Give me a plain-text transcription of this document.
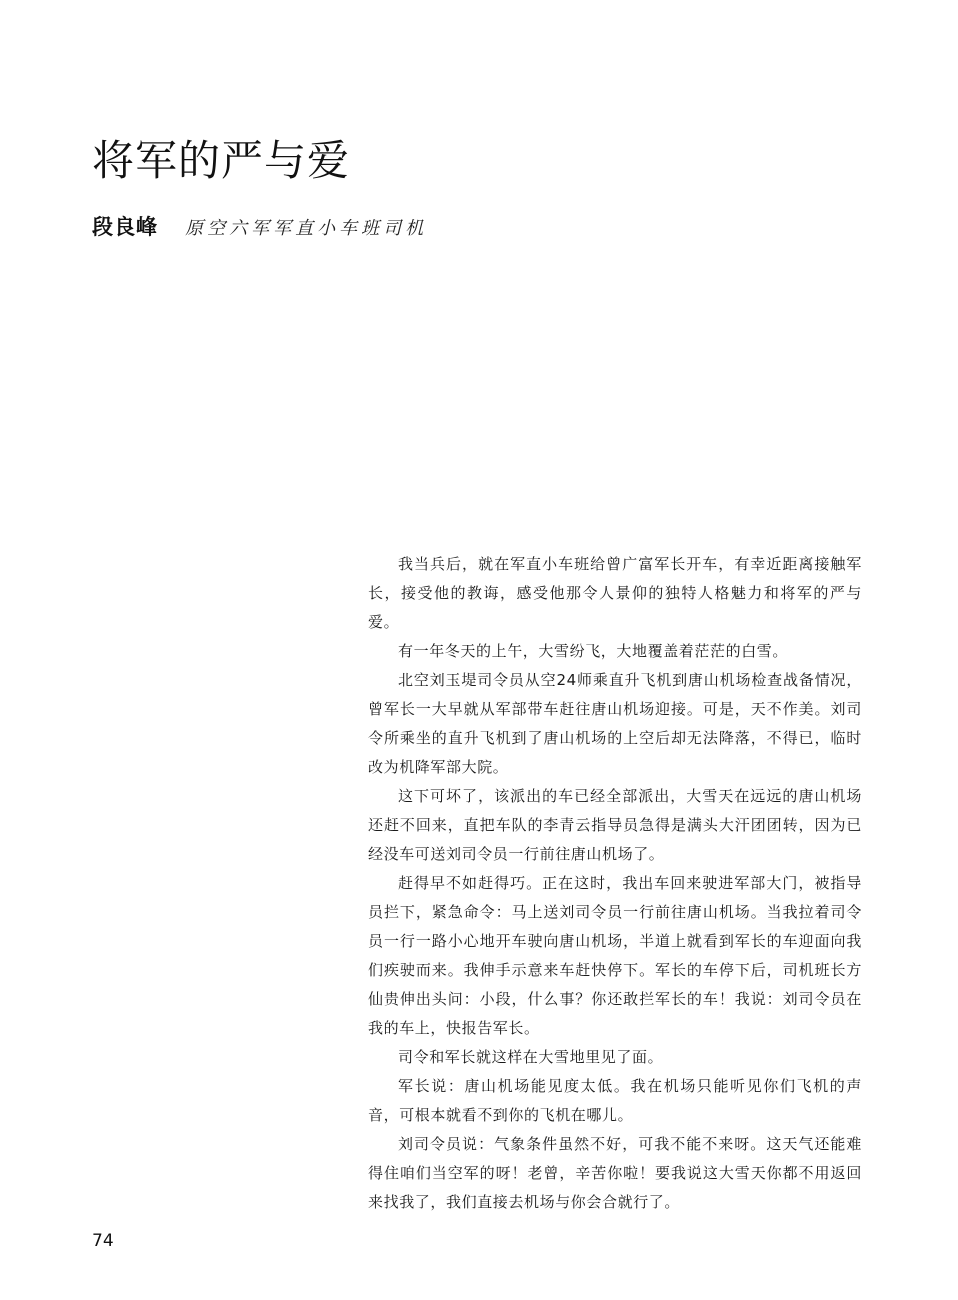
将军的严与爱
段良峰 原空六军军直小车班司机

我当兵后，就在军直小车班给曾广富军长开车，有幸近距离接触军长，接受他的教诲，感受他那令人景仰的独特人格魅力和将军的严与爱。

有一年冬天的上午，大雪纷飞，大地覆盖着茫茫的白雪。

北空刘玉堤司令员从空24师乘直升飞机到唐山机场检查战备情况，曾军长一大早就从军部带车赶往唐山机场迎接。可是，天不作美。刘司令所乘坐的直升飞机到了唐山机场的上空后却无法降落，不得已，临时改为机降军部大院。

这下可坏了，该派出的车已经全部派出，大雪天在远远的唐山机场还赶不回来，直把车队的李青云指导员急得是满头大汗团团转，因为已经没车可送刘司令员一行前往唐山机场了。

赶得早不如赶得巧。正在这时，我出车回来驶进军部大门，被指导员拦下，紧急命令：马上送刘司令员一行前往唐山机场。当我拉着司令员一行一路小心地开车驶向唐山机场，半道上就看到军长的车迎面向我们疾驶而来。我伸手示意来车赶快停下。军长的车停下后，司机班长方仙贵伸出头问：小段，什么事？你还敢拦军长的车！我说：刘司令员在我的车上，快报告军长。

司令和军长就这样在大雪地里见了面。

军长说：唐山机场能见度太低。我在机场只能听见你们飞机的声音，可根本就看不到你的飞机在哪儿。

刘司令员说：气象条件虽然不好，可我不能不来呀。这天气还能难得住咱们当空军的呀！老曾，辛苦你啦！要我说这大雪天你都不用返回来找我了，我们直接去机场与你会合就行了。

74
